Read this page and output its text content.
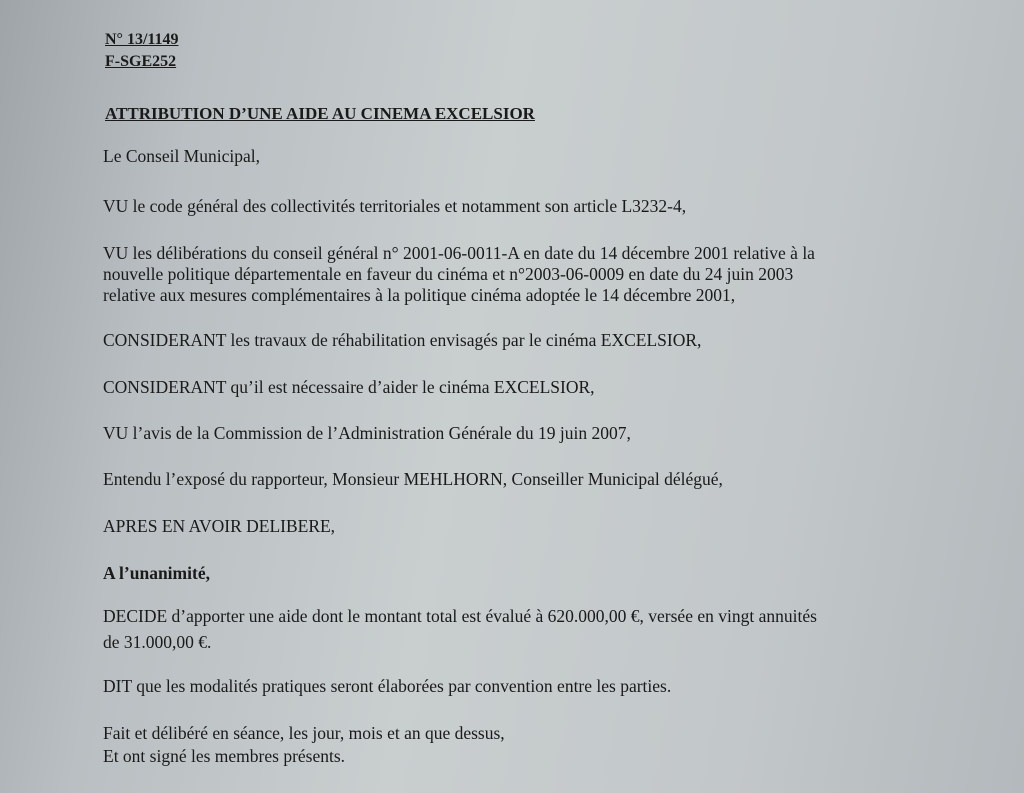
N° 13/1149

F-SGE252

ATTRIBUTION D’UNE AIDE AU CINEMA EXCELSIOR

Le Conseil Municipal,

VU le code général des collectivités territoriales et notamment son article L3232-4,

VU les délibérations du conseil général n° 2001-06-0011-A en date du 14 décembre 2001 relative à la

nouvelle politique départementale en faveur du cinéma et n°2003-06-0009 en date du 24 juin 2003

relative aux mesures complémentaires à la politique cinéma adoptée le 14 décembre 2001,

CONSIDERANT les travaux de réhabilitation envisagés par le cinéma EXCELSIOR,

CONSIDERANT qu’il est nécessaire d’aider le cinéma EXCELSIOR,

VU l’avis de la Commission de l’Administration Générale du 19 juin 2007,

Entendu l’exposé du rapporteur, Monsieur MEHLHORN, Conseiller Municipal délégué,

APRES EN AVOIR DELIBERE,

A l’unanimité,

DECIDE d’apporter une aide dont le montant total est évalué à 620.000,00 €, versée en vingt annuités

de 31.000,00 €.

DIT que les modalités pratiques seront élaborées par convention entre les parties.

Fait et délibéré en séance, les jour, mois et an que dessus,

Et ont signé les membres présents.
